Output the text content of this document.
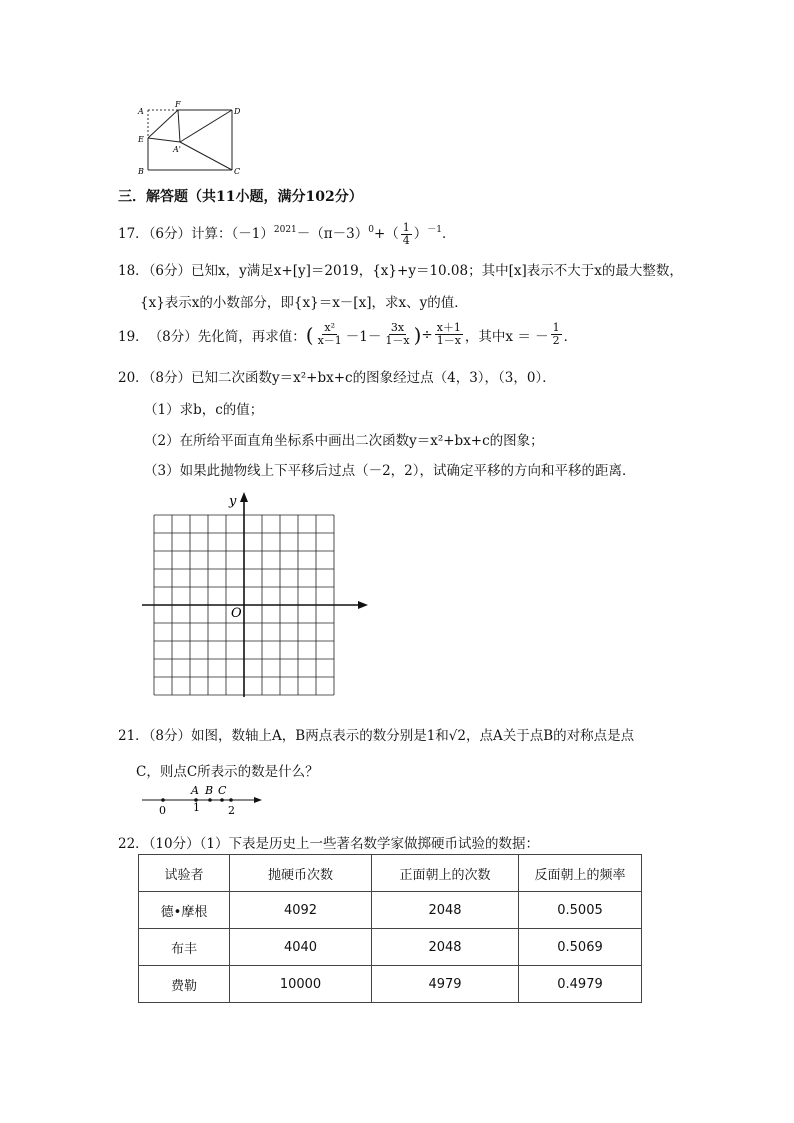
A
F
D
E
A'
B	C
三．解答题（共11小题，满分102分）
17．（6分）计算：$(-1)^{2021}-(\pi-3)^0+( \frac{1}{4} )^{-1}$．
18．（6分）已知x，y满足x+[y]＝2019，{x}+y＝10.08；其中[x]表示不大于x的最大整数，
{x}表示x的小数部分，即{x}＝x－[x]，求x、y的值．
19． （8分） 先化简，再求值： ( $\frac{\text{x²}}{x-1} -1- \frac{3x}{1-x}$ ) ÷ $\frac{x+1}{1-x}$ ，其中x ＝ － $\frac{1}{2}$ ．
20．（8分）已知二次函数y＝x²+bx+c的图象经过点（4，3），（3，0）．
（1）求b，c的值；
（2）在所给平面直角坐标系中画出二次函数y＝x²+bx+c的图象；
（3）如果此抛物线上下平移后过点（－2，2），试确定平移的方向和平移的距离．
y
O
21．（8分）如图，数轴上A，B两点表示的数分别是1和√2，点A关于点B的对称点是点
C，则点C所表示的数是什么？
A B C
0 1	2
22．（10分）（1）下表是历史上一些著名数学家做掷硬币试验的数据：
试验者	抛硬币次数	正面朝上的次数	反面朝上的频率
德•摩根	4092	2048	0.5005
布丰	4040	2048	0.5069
费勒	10000	4979	0.4979
